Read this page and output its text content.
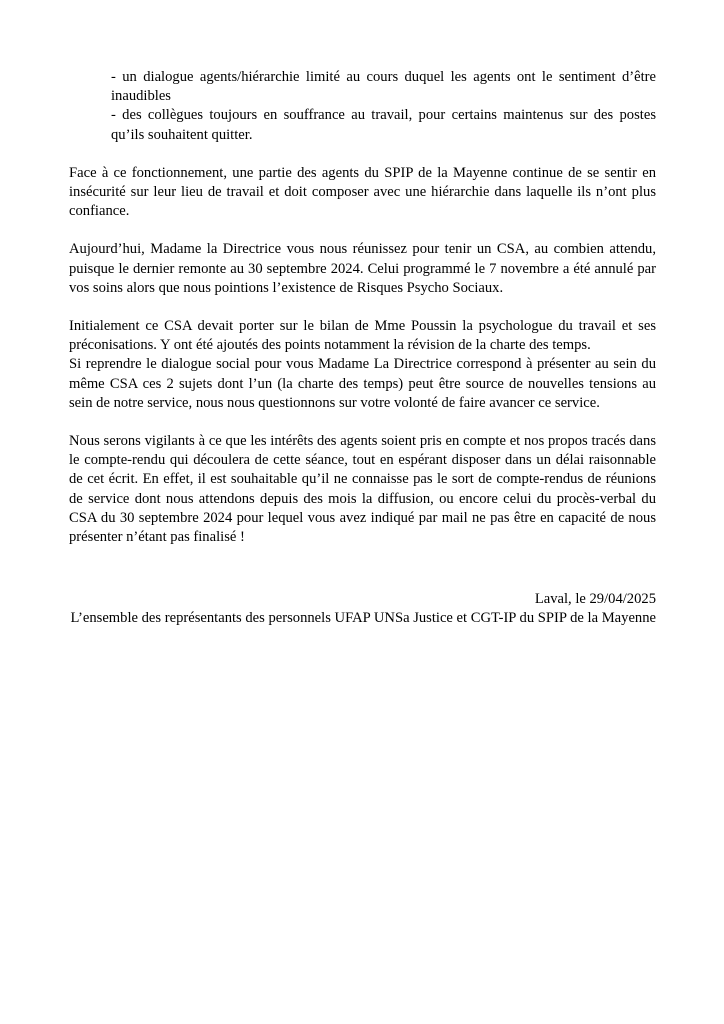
- un dialogue agents/hiérarchie limité au cours duquel les agents ont le sentiment d’être inaudibles
- des collègues toujours en souffrance au travail, pour certains maintenus sur des postes qu’ils souhaitent quitter.

Face à ce fonctionnement, une partie des agents du SPIP de la Mayenne continue de se sentir en insécurité sur leur lieu de travail et doit composer avec une hiérarchie dans laquelle ils n’ont plus confiance.

Aujourd’hui, Madame la Directrice vous nous réunissez pour tenir un CSA, au combien attendu, puisque le dernier remonte au 30 septembre 2024. Celui programmé le 7 novembre a été annulé par vos soins alors que nous pointions l’existence de Risques Psycho Sociaux.

Initialement ce CSA devait porter sur le bilan de Mme Poussin la psychologue du travail et ses préconisations. Y ont été ajoutés des points notamment la révision de la charte des temps.

Si reprendre le dialogue social pour vous Madame La Directrice correspond à présenter au sein du même CSA ces 2 sujets dont l’un (la charte des temps) peut être source de nouvelles tensions au sein de notre service, nous nous questionnons sur votre volonté de faire avancer ce service.

Nous serons vigilants à ce que les intérêts des agents soient pris en compte et nos propos tracés dans le compte-rendu qui découlera de cette séance, tout en espérant disposer dans un délai raisonnable de cet écrit. En effet, il est souhaitable qu’il ne connaisse pas le sort de compte-rendus de réunions de service dont nous attendons depuis des mois la diffusion, ou encore celui du procès-verbal du CSA du 30 septembre 2024 pour lequel vous avez indiqué par mail ne pas être en capacité de nous présenter n’étant pas finalisé !

Laval, le 29/04/2025
L’ensemble des représentants des personnels UFAP UNSa Justice et CGT-IP du SPIP de la Mayenne
